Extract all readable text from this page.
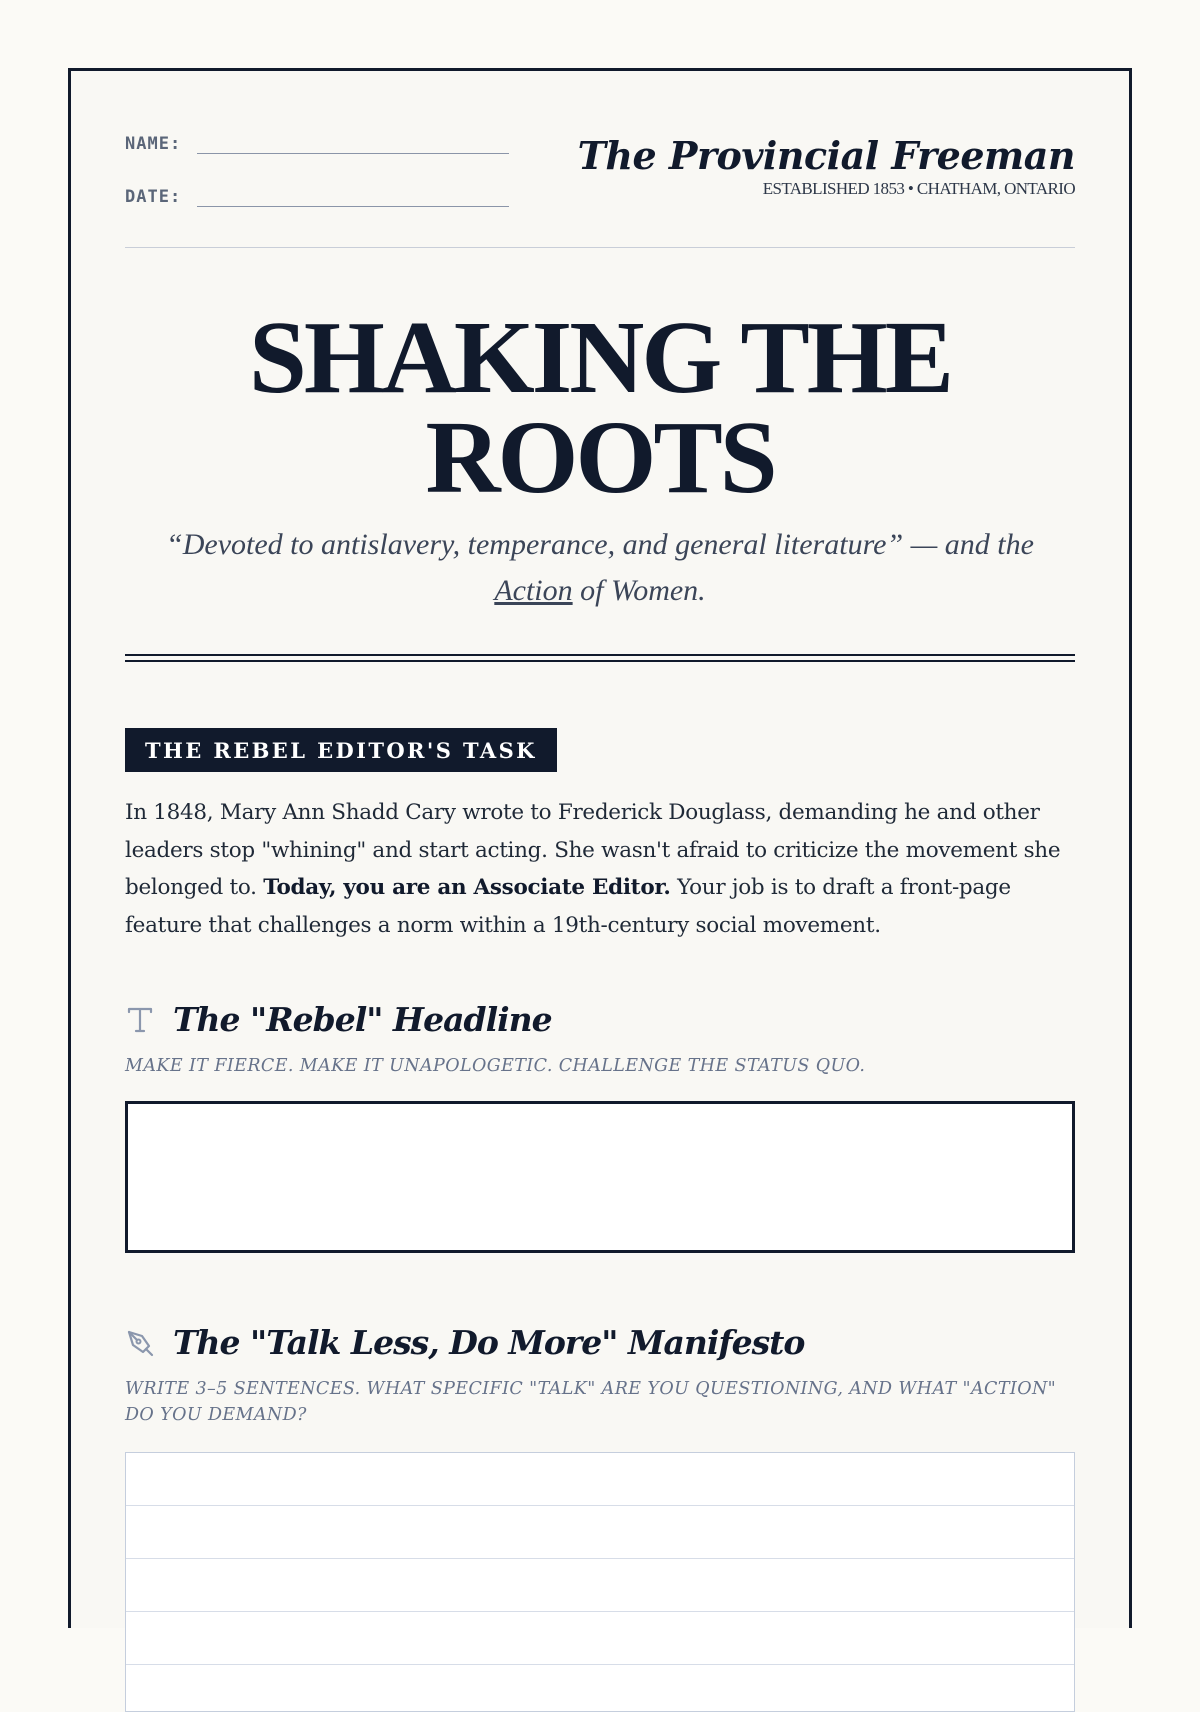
NAME:
DATE:
The Provincial Freeman
ESTABLISHED 1853 • CHATHAM, ONTARIO
SHAKING THE
ROOTS
“Devoted to antislavery, temperance, and general literature” — and the Action of Women.
THE REBEL EDITOR'S TASK

In 1848, Mary Ann Shadd Cary wrote to Frederick Douglass, demanding he and other leaders stop "whining" and start acting. She wasn't afraid to criticize the movement she belonged to. Today, you are an Associate Editor. Your job is to draft a front-page feature that challenges a norm within a 19th-century social movement.

The "Rebel" Headline
MAKE IT FIERCE. MAKE IT UNAPOLOGETIC. CHALLENGE THE STATUS QUO.
The "Talk Less, Do More" Manifesto
WRITE 3–5 SENTENCES. WHAT SPECIFIC "TALK" ARE YOU QUESTIONING, AND WHAT "ACTION" DO YOU DEMAND?
